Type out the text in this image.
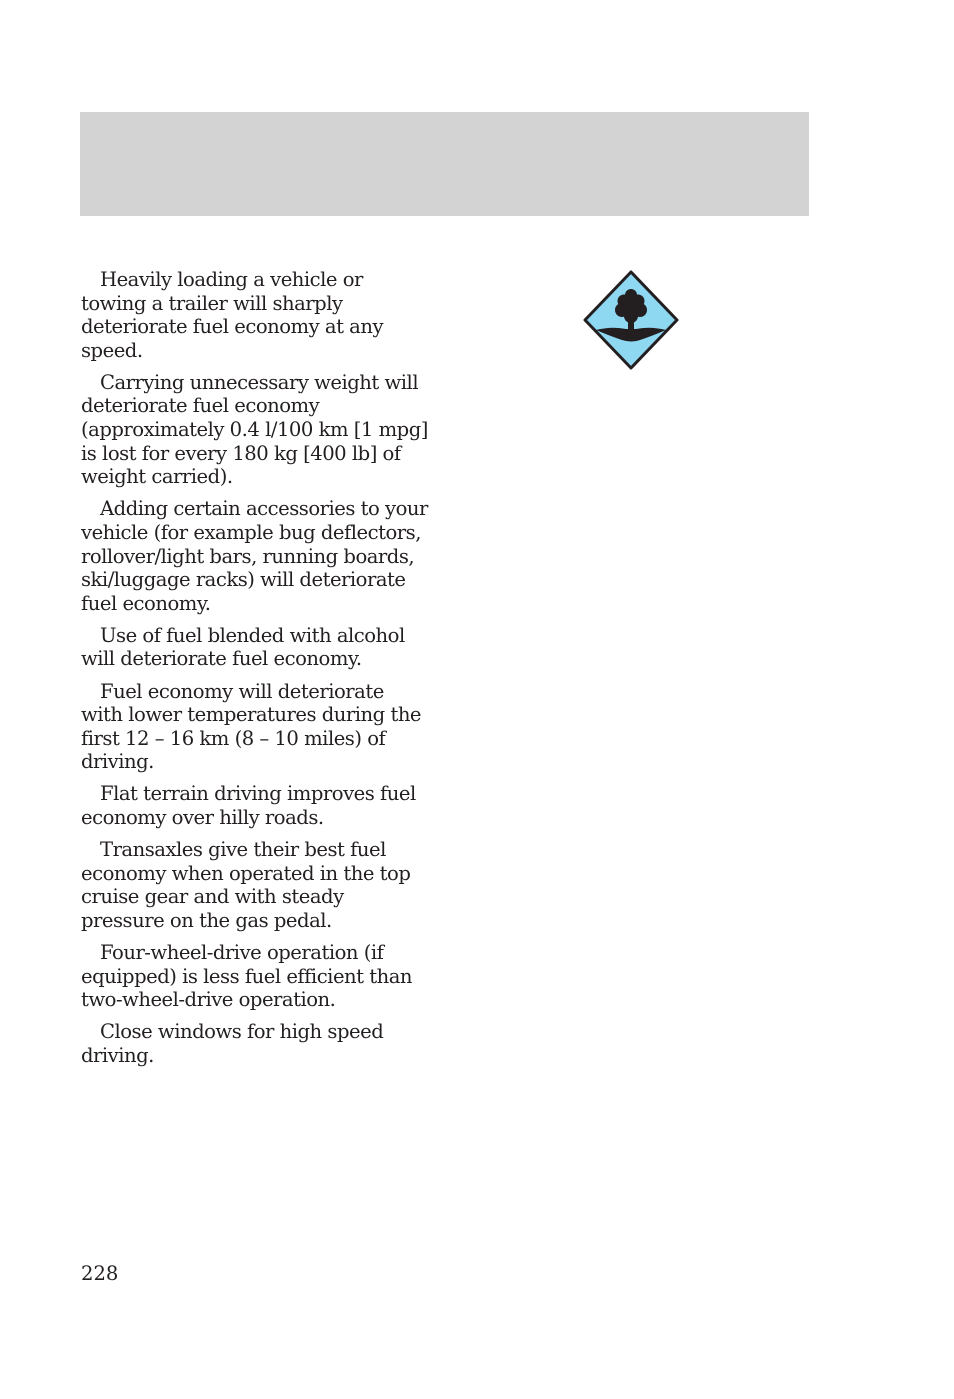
Heavily loading a vehicle or towing a trailer will sharply deteriorate fuel economy at any speed.

Carrying unnecessary weight will deteriorate fuel economy (approximately 0.4 l/100 km [1 mpg] is lost for every 180 kg [400 lb] of weight carried).

Adding certain accessories to your vehicle (for example bug deflectors, rollover/light bars, running boards, ski/luggage racks) will deteriorate fuel economy.

Use of fuel blended with alcohol will deteriorate fuel economy.

Fuel economy will deteriorate with lower temperatures during the first 12 – 16 km (8 – 10 miles) of driving.

Flat terrain driving improves fuel economy over hilly roads.

Transaxles give their best fuel economy when operated in the top cruise gear and with steady pressure on the gas pedal.

Four-wheel-drive operation (if equipped) is less fuel efficient than two-wheel-drive operation.

Close windows for high speed driving.

228
